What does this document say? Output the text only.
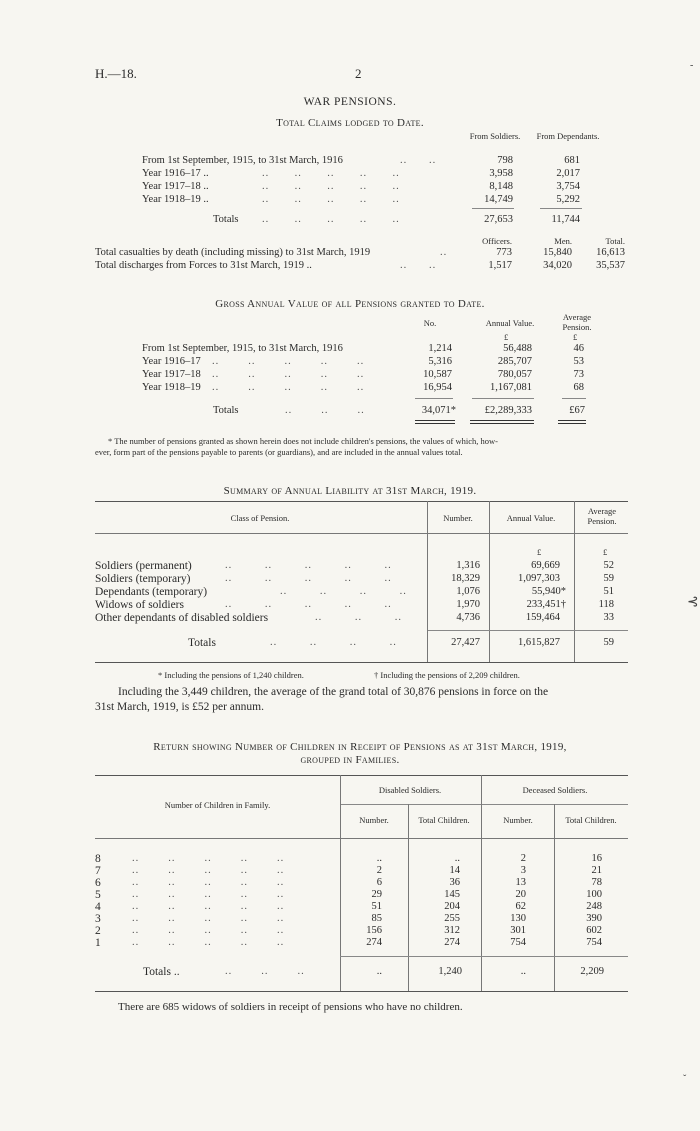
H.—18.	2
WAR PENSIONS.
Total Claims lodged to Date.
From Soldiers.	From Dependants.
From 1st September, 1915, to 31st March, 1916	..      ..	798	681
Year 1916–17 ..	..       ..       ..       ..       ..	3,958	2,017
Year 1917–18 ..	..       ..       ..       ..       ..	8,148	3,754
Year 1918–19 ..	..       ..       ..       ..       ..	14,749	5,292
Totals ..       ..       ..       ..       ..	27,653	11,744
Officers.	Men.	Total.
Total casualties by death (including missing) to 31st March, 1919	..	773	15,840	16,613
Total discharges from Forces to 31st March, 1919 ..	..      ..	1,517	34,020	35,537
Gross Annual Value of all Pensions granted to Date.
No.	Annual Value.
Average Pension.
£	£
From 1st September, 1915, to 31st March, 1916	1,214	56,488	46
Year 1916–17 ..        ..        ..        ..        ..	5,316	285,707	53
Year 1917–18 ..        ..        ..        ..        ..	10,587	780,057	73
Year 1918–19 ..        ..        ..        ..        ..	16,954	1,167,081	68
Totals	..        ..        ..	34,071*	£2,289,333	£67
* The number of pensions granted as shown herein does not include children's pensions, the values of which, how-
ever, form part of the pensions payable to parents (or guardians), and are included in the annual values total.
Summary of Annual Liability at 31st March, 1919.
Class of Pension.	Number.	Annual Value.
Average Pension.
£	£
Soldiers (permanent)	..         ..         ..         ..         ..	1,316	69,669	52
Soldiers (temporary)	..         ..         ..         ..         ..	18,329	1,097,303	59
Dependants (temporary)	..         ..         ..         ..	1,076	55,940*	51
Widows of soldiers	..         ..         ..         ..         ..	1,970	233,451†	118
Other dependants of disabled soldiers	..         ..         ..	4,736	159,464	33
Totals	..         ..         ..         ..	27,427	1,615,827	59
* Including the pensions of 1,240 children.	† Including the pensions of 2,209 children.
Including the 3,449 children, the average of the grand total of 30,876 pensions in force on the
31st March, 1919, is £52 per annum.
Return showing Number of Children in Receipt of Pensions as at 31st March, 1919,
grouped in Families.
Number of Children in Family.
Disabled Soldiers.	Deceased Soldiers.
Number.	Total Children.	Number.	Total Children.
8	..        ..        ..        ..        ..	..	..	2	16
7	..        ..        ..        ..        ..	2	14	3	21
6	..        ..        ..        ..        ..	6	36	13	78
5	..        ..        ..        ..        ..	29	145	20	100
4	..        ..        ..        ..        ..	51	204	62	248
3	..        ..        ..        ..        ..	85	255	130	390
2	..        ..        ..        ..        ..	156	312	301	602
1	..        ..        ..        ..        ..	274	274	754	754
Totals ..	..        ..        ..	..	1,240	..	2,209
There are 685 widows of soldiers in receipt of pensions who have no children.
‑
⊰
ˇ
